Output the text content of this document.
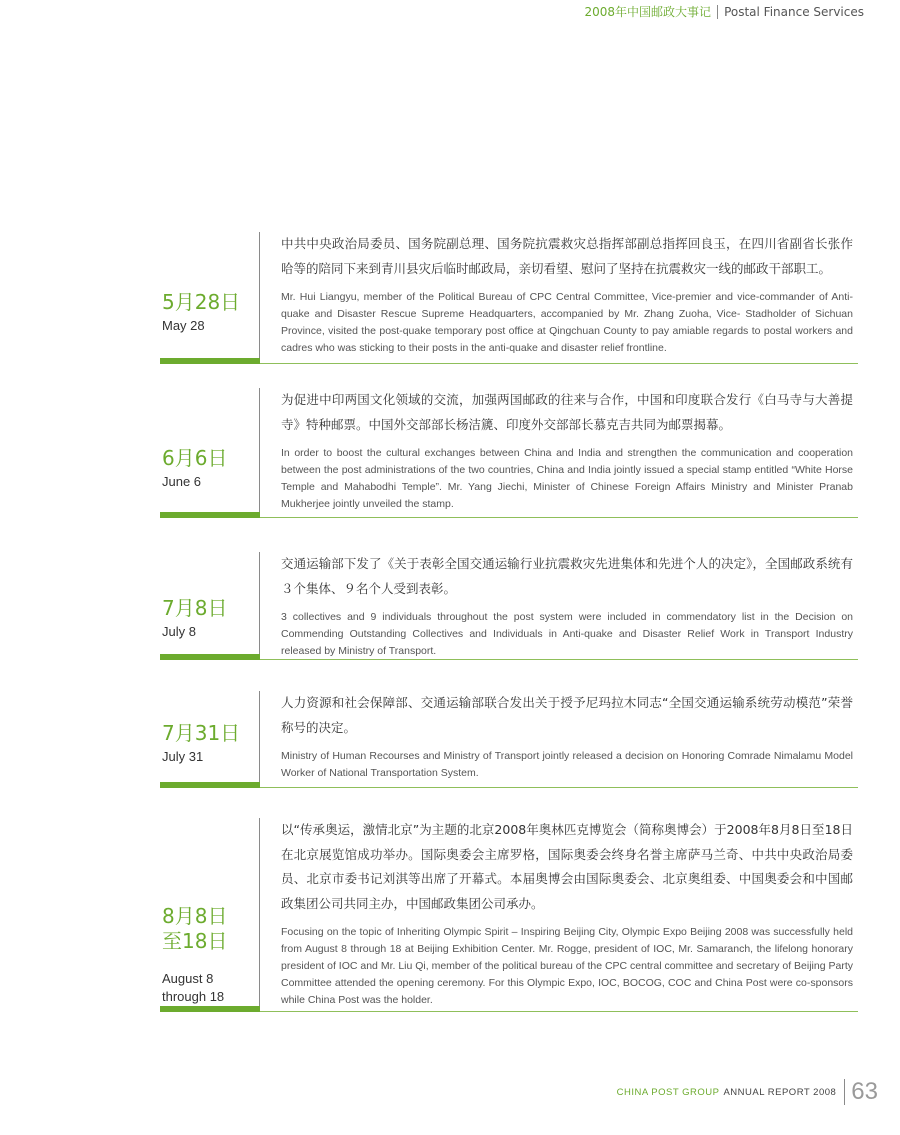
2008年中国邮政大事记 Postal Finance Services
5月28日
May 28

中共中央政治局委员、国务院副总理、国务院抗震救灾总指挥部副总指挥回良玉，在四川省副省长张作哈等的陪同下来到青川县灾后临时邮政局，亲切看望、慰问了坚持在抗震救灾一线的邮政干部职工。

Mr. Hui Liangyu, member of the Political Bureau of CPC Central Committee, Vice-premier and vice-commander of Anti-quake and Disaster Rescue Supreme Headquarters, accompanied by Mr. Zhang Zuoha, Vice- Stadholder of Sichuan Province, visited the post-quake temporary post office at Qingchuan County to pay amiable regards to postal workers and cadres who was sticking to their posts in the anti-quake and disaster relief frontline.

6月6日
June 6

为促进中印两国文化领域的交流，加强两国邮政的往来与合作，中国和印度联合发行《白马寺与大善提寺》特种邮票。中国外交部部长杨洁篪、印度外交部部长慕克吉共同为邮票揭幕。

In order to boost the cultural exchanges between China and India and strengthen the communication and cooperation between the post administrations of the two countries, China and India jointly issued a special stamp entitled “White Horse Temple and Mahabodhi Temple”. Mr. Yang Jiechi, Minister of Chinese Foreign Affairs Ministry and Minister Pranab Mukherjee jointly unveiled the stamp.

7月8日
July 8

交通运输部下发了《关于表彰全国交通运输行业抗震救灾先进集体和先进个人的决定》，全国邮政系统有３个集体、９名个人受到表彰。

3 collectives and 9 individuals throughout the post system were included in commendatory list in the Decision on Commending Outstanding Collectives and Individuals in Anti-quake and Disaster Relief Work in Transport Industry released by Ministry of Transport.

7月31日
July 31

人力资源和社会保障部、交通运输部联合发出关于授予尼玛拉木同志“全国交通运输系统劳动模范”荣誉称号的决定。

Ministry of Human Recourses and Ministry of Transport jointly released a decision on Honoring Comrade Nimalamu Model Worker of National Transportation System.

8月8日
至18日
August 8
through 18

以“传承奥运，激情北京”为主题的北京2008年奥林匹克博览会（简称奥博会）于2008年8月8日至18日在北京展览馆成功举办。国际奥委会主席罗格，国际奥委会终身名誉主席萨马兰奇、中共中央政治局委员、北京市委书记刘淇等出席了开幕式。本届奥博会由国际奥委会、北京奥组委、中国奥委会和中国邮政集团公司共同主办，中国邮政集团公司承办。

Focusing on the topic of Inheriting Olympic Spirit – Inspiring Beijing City, Olympic Expo Beijing 2008 was successfully held from August 8 through 18 at Beijing Exhibition Center. Mr. Rogge, president of IOC, Mr. Samaranch, the lifelong honorary president of IOC and Mr. Liu Qi, member of the political bureau of the CPC central committee and secretary of Beijing Party Committee attended the opening ceremony. For this Olympic Expo, IOC, BOCOG, COC and China Post were co-sponsors while China Post was the holder.

CHINA POST GROUP ANNUAL REPORT 2008 63
